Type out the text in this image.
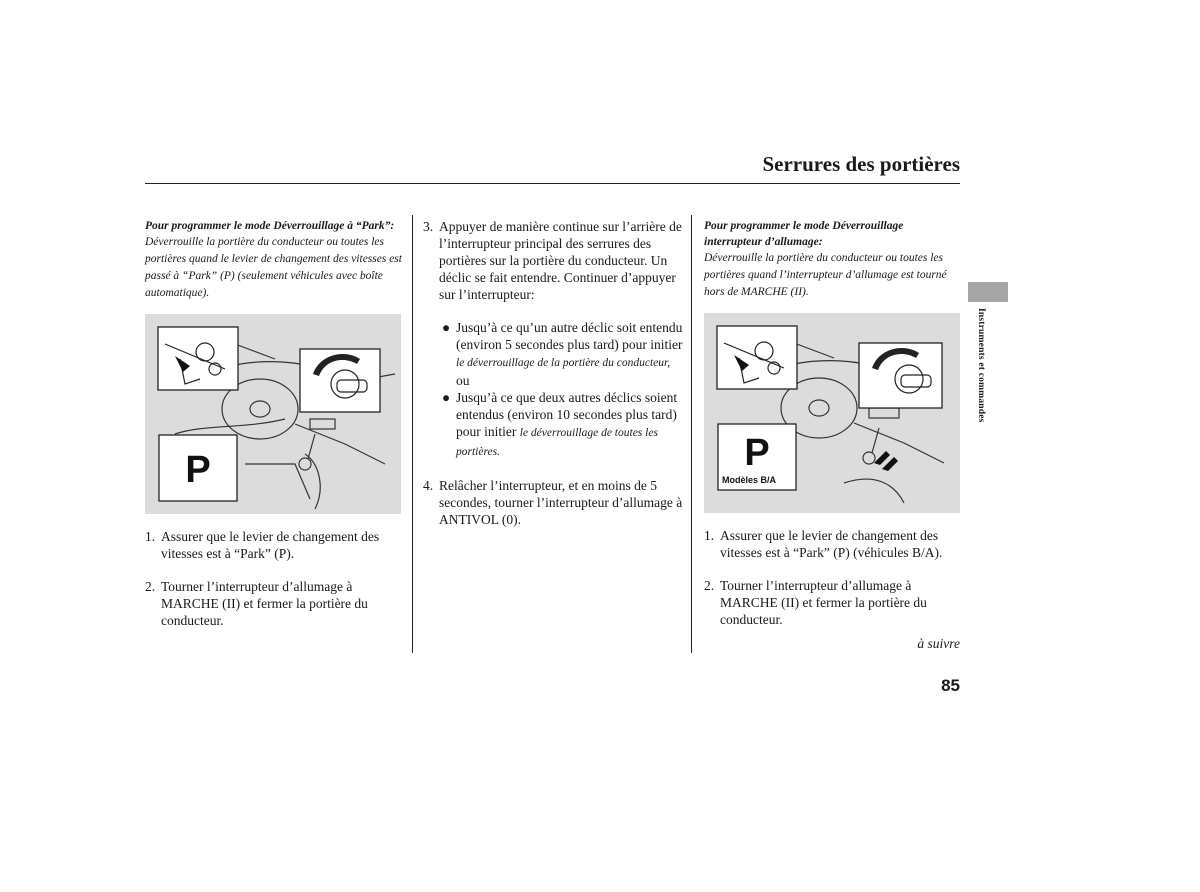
Serrures des portières
Pour programmer le mode Déverrouillage à “Park”:
Déverrouille la portière du conducteur ou toutes les portières quand le levier de changement des vitesses est passé à “Park” (P) (seulement véhicules avec boîte automatique).
P

1. Assurer que le levier de changement des vitesses est à “Park” (P).

2. Tourner l’interrupteur d’allumage à MARCHE (II) et fermer la portière du conducteur.

3. Appuyer de manière continue sur l’arrière de l’interrupteur principal des serrures des portières sur la portière du conducteur. Un déclic se fait entendre. Continuer d’appuyer sur l’interrupteur:

● Jusqu’à ce qu’un autre déclic soit entendu (environ 5 secondes plus tard) pour initier le déverrouillage de la portière du conducteur, ou

● Jusqu’à ce que deux autres déclics soient entendus (environ 10 secondes plus tard) pour initier le déverrouillage de toutes les portières.

4. Relâcher l’interrupteur, et en moins de 5 secondes, tourner l’interrupteur d’allumage à ANTIVOL (0).

Pour programmer le mode Déverrouillage interrupteur d’allumage:
Déverrouille la portière du conducteur ou toutes les portières quand l’interrupteur d’allumage est tourné hors de MARCHE (II).
P
Modèles B/A

1. Assurer que le levier de changement des vitesses est à “Park” (P) (véhicules B/A).

2. Tourner l’interrupteur d’allumage à MARCHE (II) et fermer la portière du conducteur.

à suivre
85
Instruments et commandes
